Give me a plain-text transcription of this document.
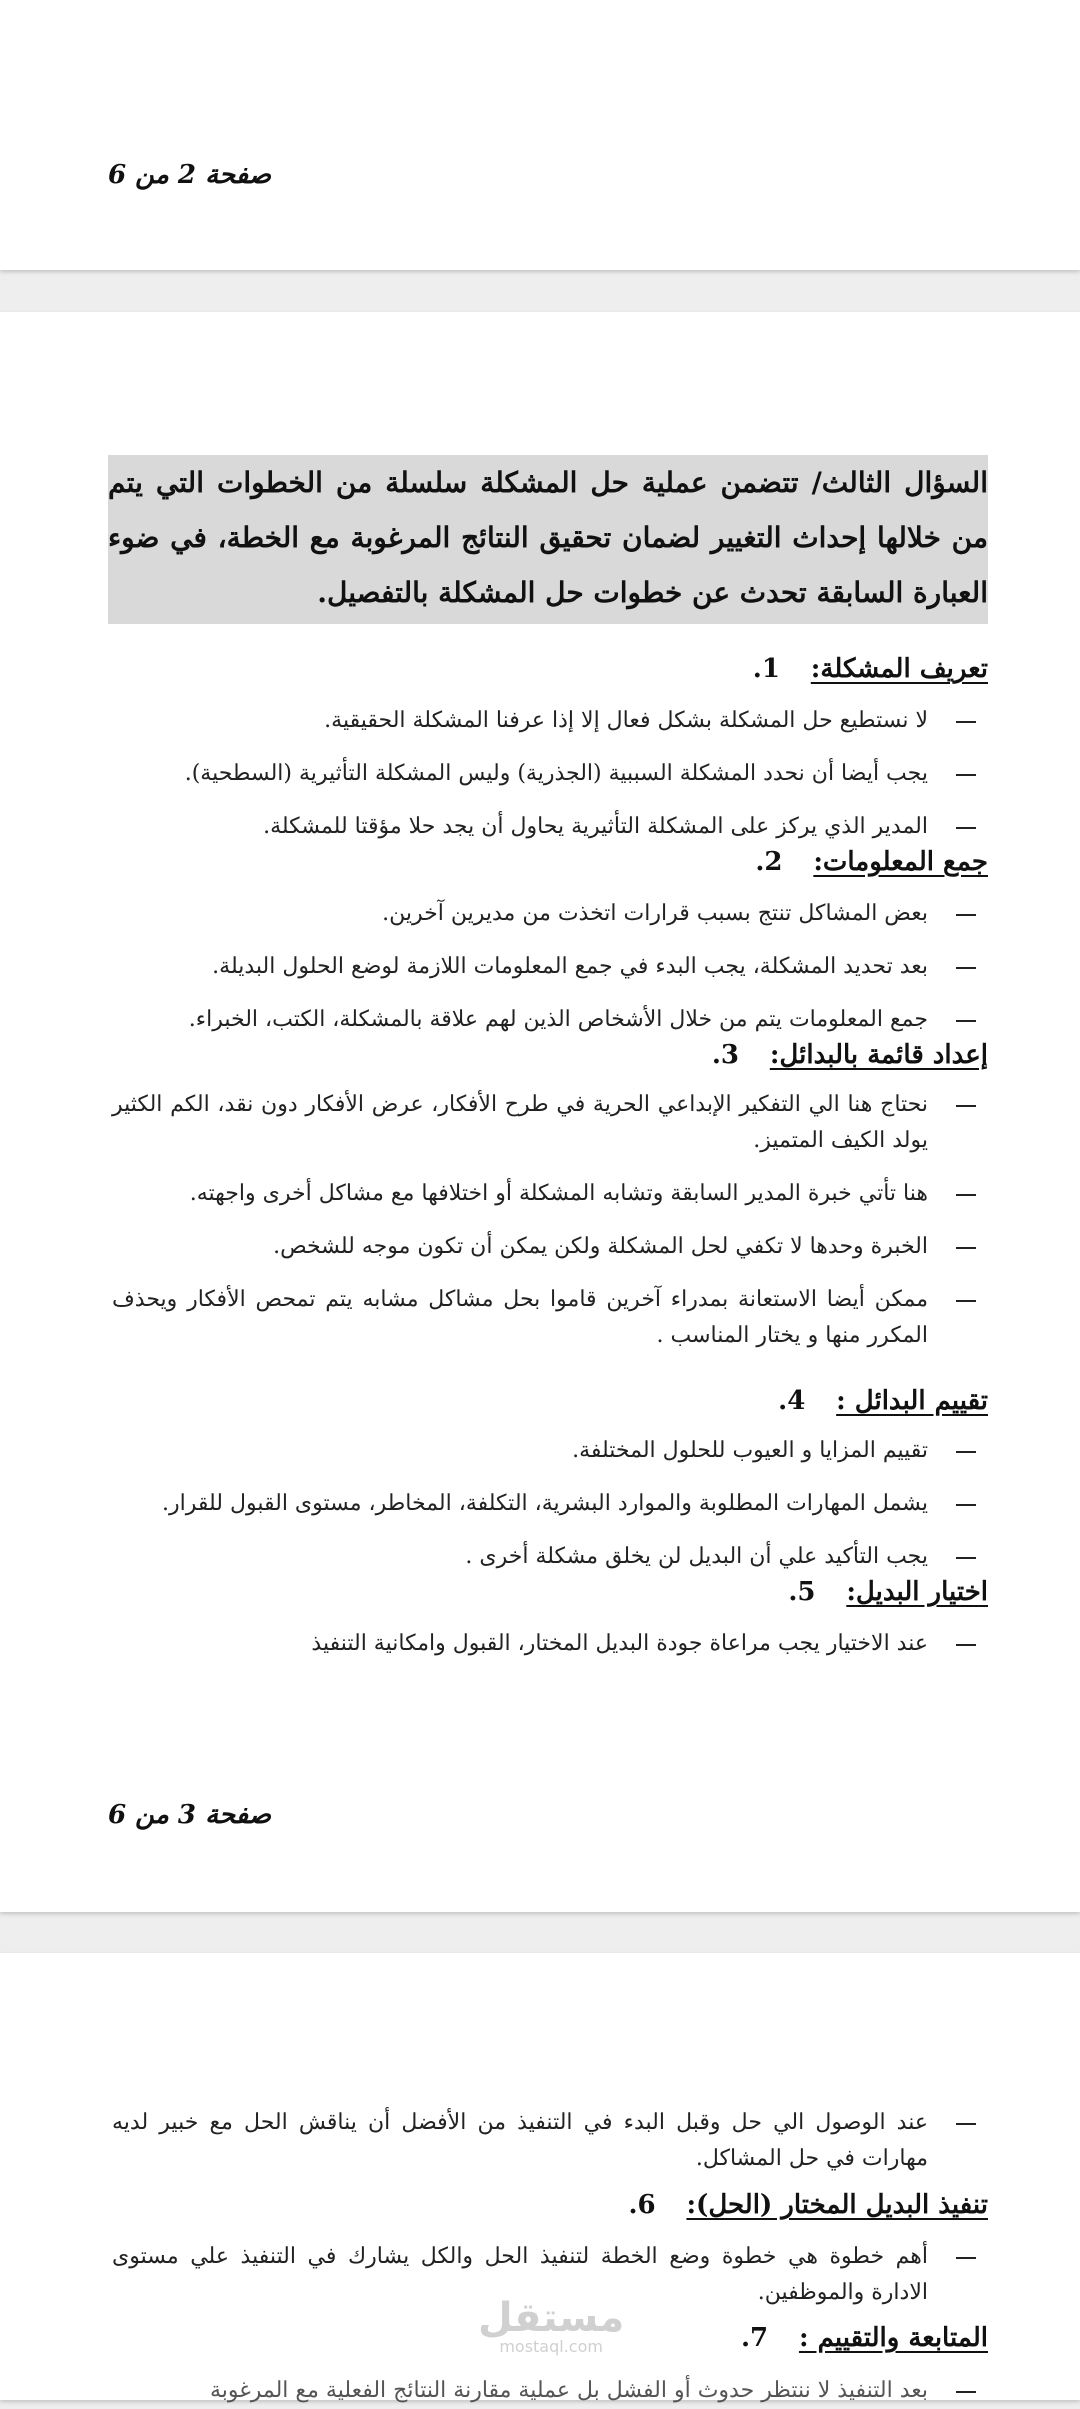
صفحة 2 من 6
السؤال الثالث/ تتضمن عملية حل المشكلة سلسلة من الخطوات التي يتم من خلالها إحداث التغيير لضمان تحقيق النتائج المرغوبة مع الخطة، في ضوء العبارة السابقة تحدث عن خطوات حل المشكلة بالتفصيل.
تعريف المشكلة:
1.
لا نستطيع حل المشكلة بشكل فعال إلا إذا عرفنا المشكلة الحقيقية.
يجب أيضا أن نحدد المشكلة السببية (الجذرية) وليس المشكلة التأثيرية (السطحية).
المدير الذي يركز على المشكلة التأثيرية يحاول أن يجد حلا مؤقتا للمشكلة.
جمع المعلومات:
2.
بعض المشاكل تنتج بسبب قرارات اتخذت من مديرين آخرين.
بعد تحديد المشكلة، يجب البدء في جمع المعلومات اللازمة لوضع الحلول البديلة.
جمع المعلومات يتم من خلال الأشخاص الذين لهم علاقة بالمشكلة، الكتب، الخبراء.
إعداد قائمة بالبدائل:
3.
نحتاج هنا الي التفكير الإبداعي الحرية في طرح الأفكار، عرض الأفكار دون نقد، الكم الكثير يولد الكيف المتميز.
هنا تأتي خبرة المدير السابقة وتشابه المشكلة أو اختلافها مع مشاكل أخرى واجهته.
الخبرة وحدها لا تكفي لحل المشكلة ولكن يمكن أن تكون موجه للشخص.
ممكن أيضا الاستعانة بمدراء آخرين قاموا بحل مشاكل مشابه يتم تمحص الأفكار ويحذف المكرر منها و يختار المناسب .
تقييم البدائل :
4.
تقييم المزايا و العيوب للحلول المختلفة.
يشمل المهارات المطلوبة والموارد البشرية، التكلفة، المخاطر، مستوى القبول للقرار.
يجب التأكيد علي أن البديل لن يخلق مشكلة أخرى .
اختيار البديل:
5.
عند الاختيار يجب مراعاة جودة البديل المختار، القبول وامكانية التنفيذ
صفحة 3 من 6
عند الوصول الي حل وقبل البدء في التنفيذ من الأفضل أن يناقش الحل مع خبير لديه مهارات في حل المشاكل.
تنفيذ البديل المختار (الحل):
6.
أهم خطوة هي خطوة وضع الخطة لتنفيذ الحل والكل يشارك في التنفيذ علي مستوى الادارة والموظفين.
المتابعة والتقييم :
7.
بعد التنفيذ لا ننتظر حدوث أو الفشل بل عملية مقارنة النتائج الفعلية مع المرغوبة
مستقل
mostaql.com
